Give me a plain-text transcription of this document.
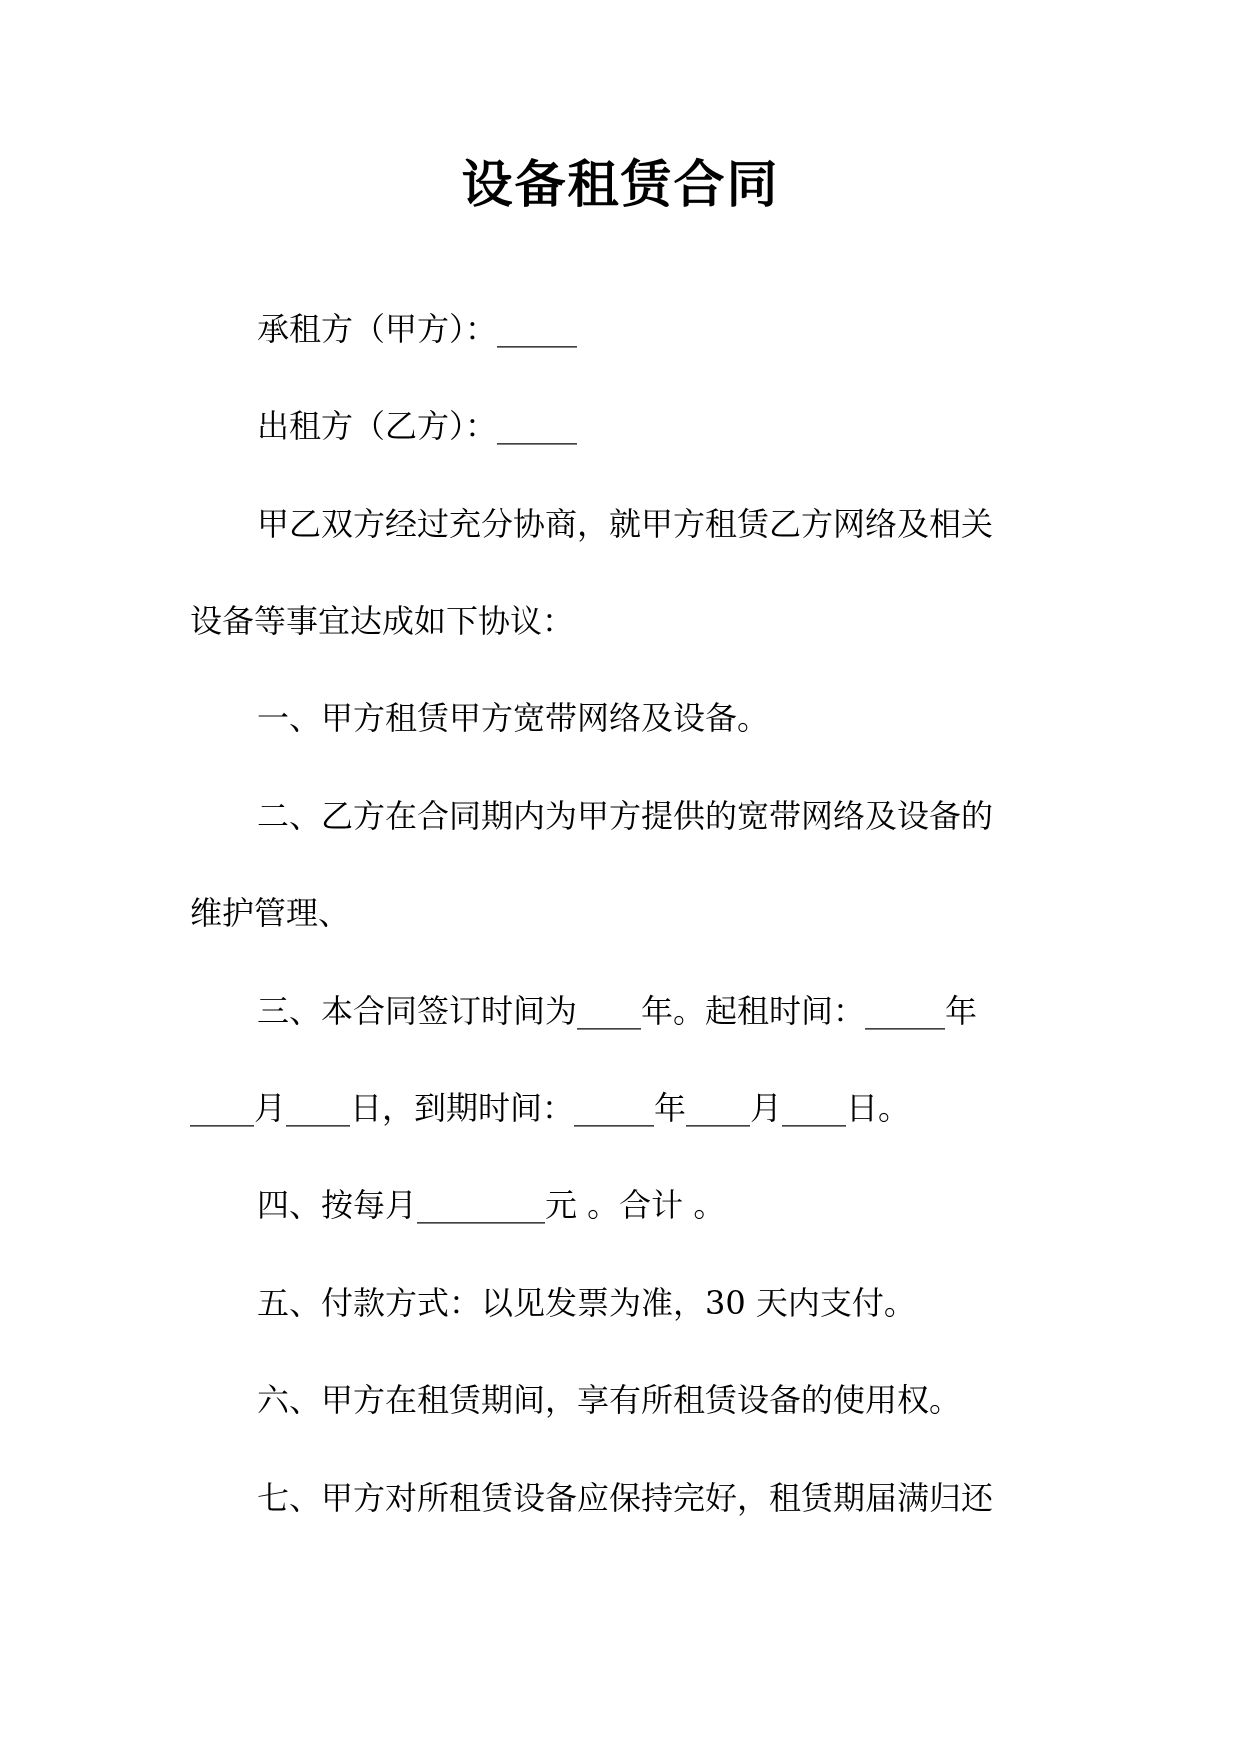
设备租赁合同
承租方（甲方）：_____
出租方（乙方）：_____
甲乙双方经过充分协商，就甲方租赁乙方网络及相关
设备等事宜达成如下协议：
一、甲方租赁甲方宽带网络及设备。
二、乙方在合同期内为甲方提供的宽带网络及设备的
维护管理、
三、本合同签订时间为____年。起租时间：_____年
____月____日，到期时间：_____年____月____日。
四、按每月________元 。合计 。
五、付款方式：以见发票为准，30 天内支付。
六、甲方在租赁期间，享有所租赁设备的使用权。
七、甲方对所租赁设备应保持完好，租赁期届满归还
